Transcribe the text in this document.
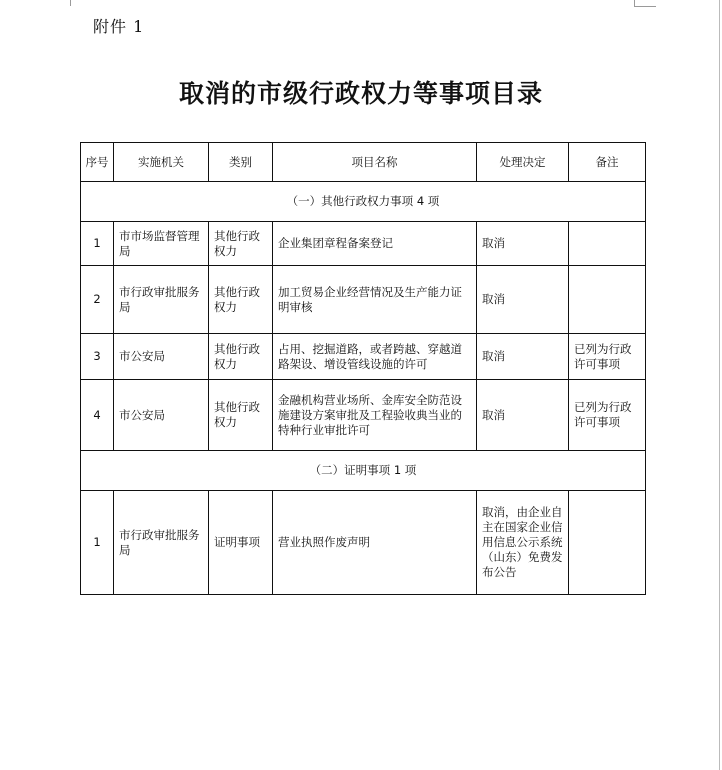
附件 1
取消的市级行政权力等事项目录
序号	实施机关	类别	项目名称	处理决定	备注
（一）其他行政权力事项 4 项					
1	市市场监督管理局	其他行政权力	企业集团章程备案登记	取消	
2	市行政审批服务局	其他行政权力	加工贸易企业经营情况及生产能力证明审核	取消	
3	市公安局	其他行政权力	占用、挖掘道路，或者跨越、穿越道路架设、增设管线设施的许可	取消	已列为行政许可事项
4	市公安局	其他行政权力	金融机构营业场所、金库安全防范设施建设方案审批及工程验收典当业的特种行业审批许可	取消	已列为行政许可事项
（二）证明事项 1 项					
1	市行政审批服务局	证明事项	营业执照作废声明	取消，由企业自主在国家企业信用信息公示系统（山东）免费发布公告	
